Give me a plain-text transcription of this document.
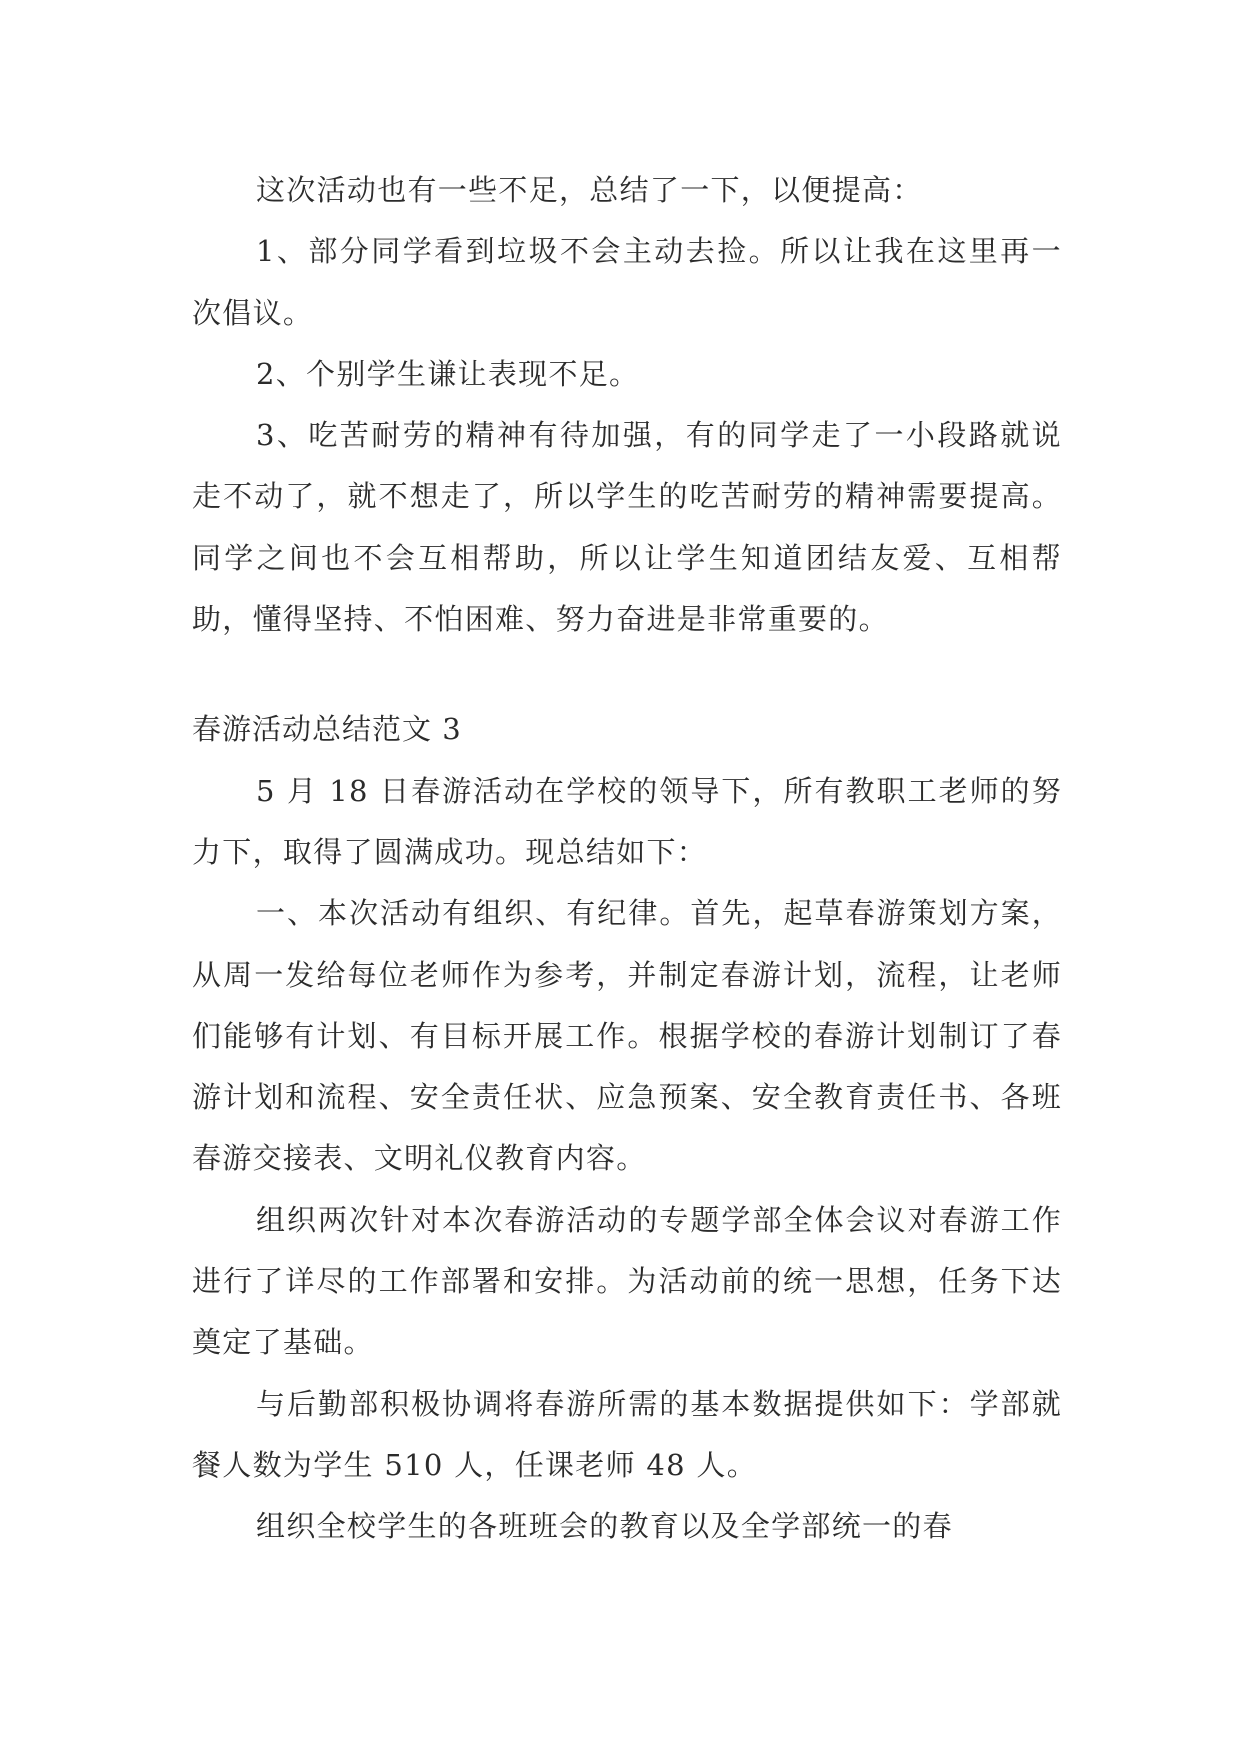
这次活动也有一些不足，总结了一下，以便提高：

1、部分同学看到垃圾不会主动去捡。所以让我在这里再一次倡议。

2、个别学生谦让表现不足。

3、吃苦耐劳的精神有待加强，有的同学走了一小段路就说走不动了，就不想走了，所以学生的吃苦耐劳的精神需要提高。同学之间也不会互相帮助，所以让学生知道团结友爱、互相帮助，懂得坚持、不怕困难、努力奋进是非常重要的。

春游活动总结范文 3

5 月 18 日春游活动在学校的领导下，所有教职工老师的努力下，取得了圆满成功。现总结如下：

一、本次活动有组织、有纪律。首先，起草春游策划方案，从周一发给每位老师作为参考，并制定春游计划，流程，让老师们能够有计划、有目标开展工作。根据学校的春游计划制订了春游计划和流程、安全责任状、应急预案、安全教育责任书、各班春游交接表、文明礼仪教育内容。

组织两次针对本次春游活动的专题学部全体会议对春游工作进行了详尽的工作部署和安排。为活动前的统一思想，任务下达奠定了基础。

与后勤部积极协调将春游所需的基本数据提供如下：学部就餐人数为学生 510 人，任课老师 48 人。

组织全校学生的各班班会的教育以及全学部统一的春
